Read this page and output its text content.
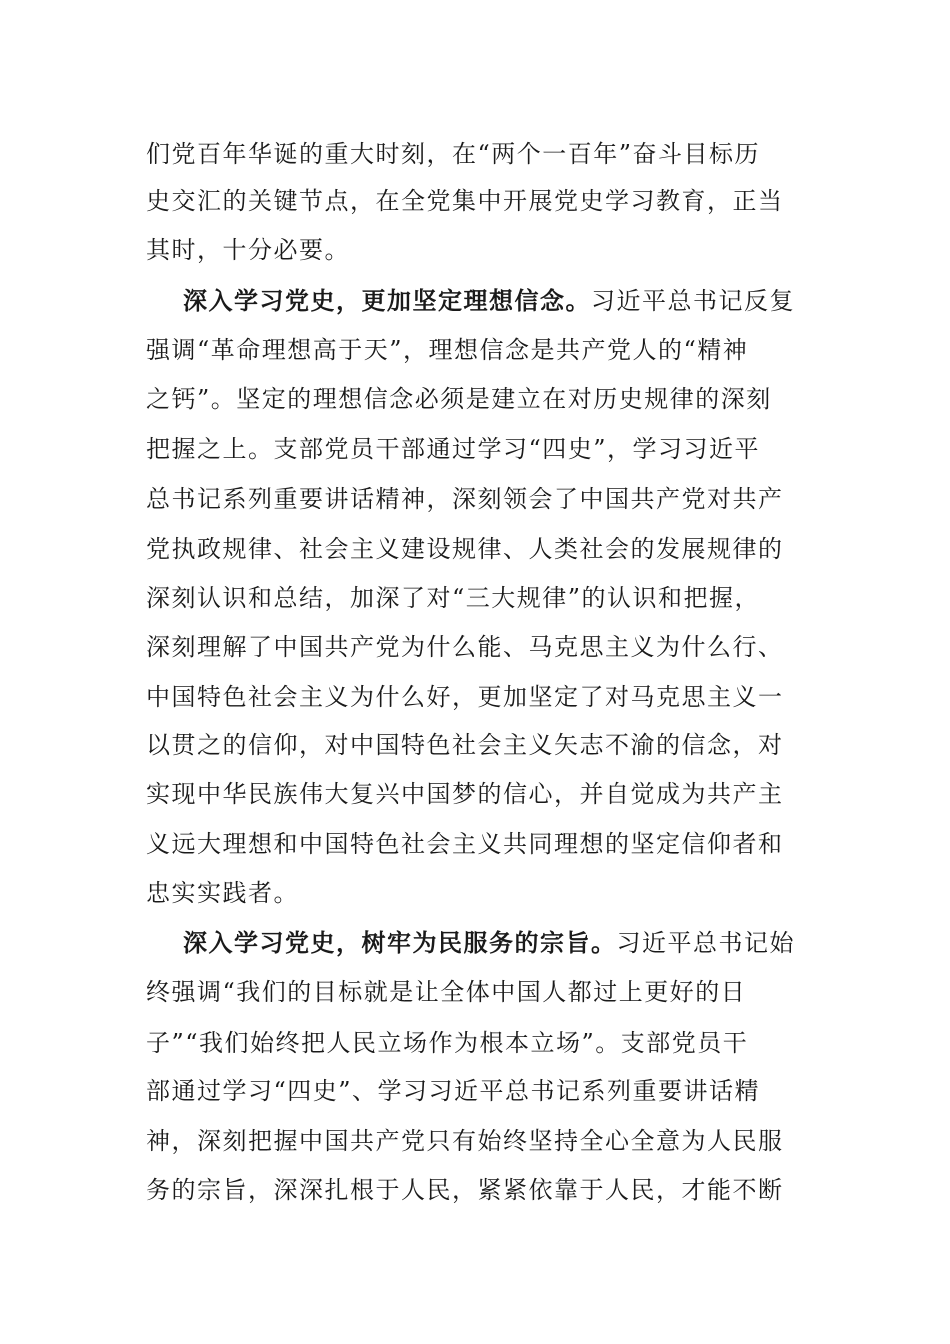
们党百年华诞的重大时刻，在“两个一百年”奋斗目标历
史交汇的关键节点，在全党集中开展党史学习教育，正当
其时，十分必要。
深入学习党史，更加坚定理想信念。习近平总书记反复
强调“革命理想高于天”，理想信念是共产党人的“精神
之钙”。坚定的理想信念必须是建立在对历史规律的深刻
把握之上。支部党员干部通过学习“四史”，学习习近平
总书记系列重要讲话精神，深刻领会了中国共产党对共产
党执政规律、社会主义建设规律、人类社会的发展规律的
深刻认识和总结，加深了对“三大规律”的认识和把握，
深刻理解了中国共产党为什么能、马克思主义为什么行、
中国特色社会主义为什么好，更加坚定了对马克思主义一
以贯之的信仰，对中国特色社会主义矢志不渝的信念，对
实现中华民族伟大复兴中国梦的信心，并自觉成为共产主
义远大理想和中国特色社会主义共同理想的坚定信仰者和
忠实实践者。
深入学习党史，树牢为民服务的宗旨。习近平总书记始
终强调“我们的目标就是让全体中国人都过上更好的日
子”“我们始终把人民立场作为根本立场”。支部党员干
部通过学习“四史”、学习习近平总书记系列重要讲话精
神，深刻把握中国共产党只有始终坚持全心全意为人民服
务的宗旨，深深扎根于人民，紧紧依靠于人民，才能不断
